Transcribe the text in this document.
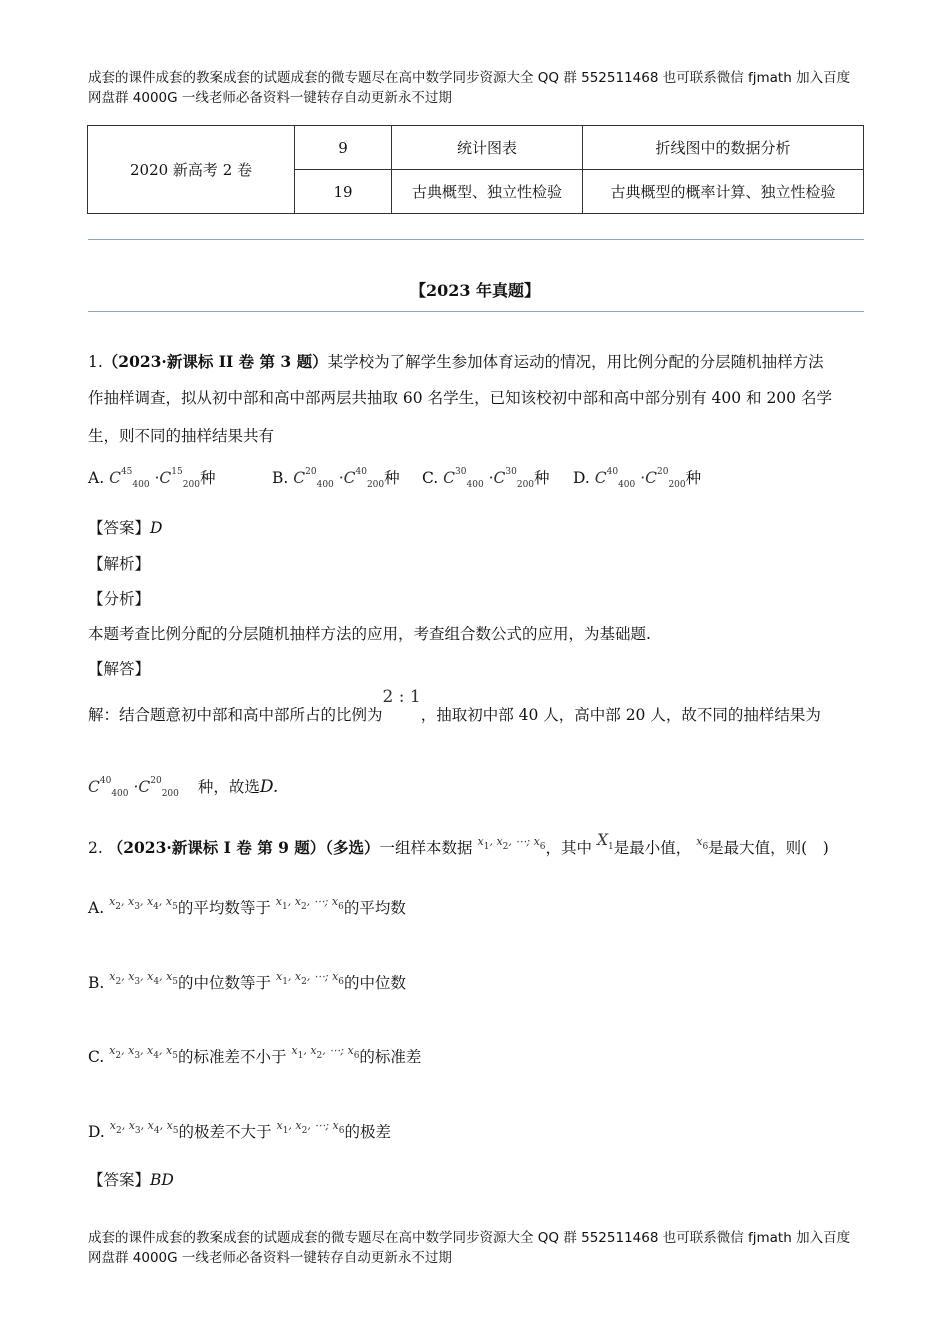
成套的课件成套的教案成套的试题成套的微专题尽在高中数学同步资源大全 QQ 群 552511468 也可联系微信 fjmath 加入百度
网盘群 4000G 一线老师必备资料一键转存自动更新永不过期
2020 新高考 2 卷	9	统计图表	折线图中的数据分析
	19	古典概型、独立性检验	古典概型的概率计算、独立性检验
【2023 年真题】
1.（2023·新课标 II 卷 第 3 题）某学校为了解学生参加体育运动的情况，用比例分配的分层随机抽样方法
作抽样调查，拟从初中部和高中部两层共抽取 60 名学生，已知该校初中部和高中部分别有 400 和 200 名学
生，则不同的抽样结果共有
A. $C^{45}_{400} \cdot C^{15}_{200}$种	B. $C^{20}_{400} \cdot C^{40}_{200}$种 C. $C^{30}_{400} \cdot C^{30}_{200}$种 D. $C^{40}_{400} \cdot C^{20}_{200}$种
【答案】D
【解析】
【分析】
本题考查比例分配的分层随机抽样方法的应用，考查组合数公式的应用，为基础题.
【解答】
解：结合题意初中部和高中部所占的比例为2 : 1，抽取初中部 40 人，高中部 20 人，故不同的抽样结果为
$C^{40}_{400} \cdot C^{20}_{200}$ 种，故选D.
2. （2023·新课标 I 卷 第 9 题）（多选）一组样本数据 $^{x_1, x_2, \cdots; x_6}$，其中 $X_1$是最小值， $^{x_6}$是最大值，则(　)
A. $^{x_2, x_3, x_4, x_5}$的平均数等于 $^{x_1, x_2, \cdots; x_6}$的平均数
B. $^{x_2, x_3, x_4, x_5}$的中位数等于 $^{x_1, x_2, \cdots; x_6}$的中位数
C. $^{x_2, x_3, x_4, x_5}$的标准差不小于 $^{x_1, x_2, \cdots; x_6}$的标准差
D. $^{x_2, x_3, x_4, x_5}$的极差不大于 $^{x_1, x_2, \cdots; x_6}$的极差
【答案】BD
成套的课件成套的教案成套的试题成套的微专题尽在高中数学同步资源大全 QQ 群 552511468 也可联系微信 fjmath 加入百度
网盘群 4000G 一线老师必备资料一键转存自动更新永不过期
